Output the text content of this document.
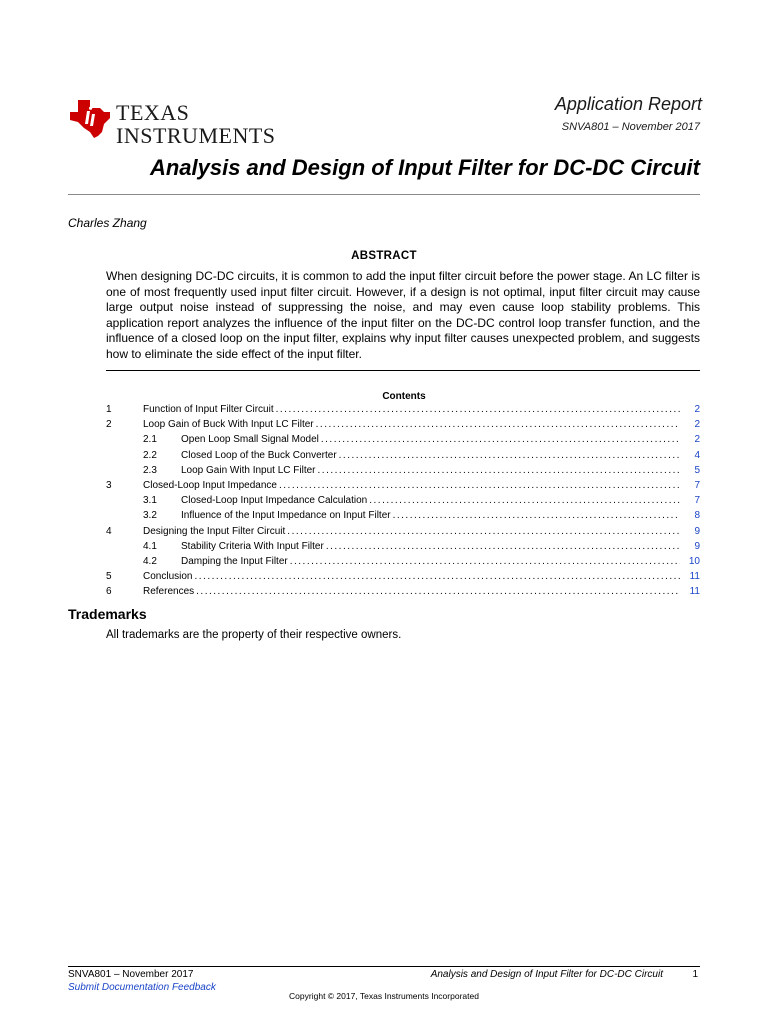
TEXAS
INSTRUMENTS
Application Report
SNVA801 – November 2017
Analysis and Design of Input Filter for DC-DC Circuit
Charles Zhang
ABSTRACT
When designing DC-DC circuits, it is common to add the input filter circuit before the power stage. An LC filter is one of most frequently used input filter circuit. However, if a design is not optimal, input filter circuit may cause large output noise instead of suppressing the noise, and may even cause loop stability problems. This application report analyzes the influence of the input filter on the DC-DC control loop transfer function, and the influence of a closed loop on the input filter, explains why input filter causes unexpected problem, and suggests how to eliminate the side effect of the input filter.
Contents
1	Function of Input Filter Circuit .....	2
2	Loop Gain of Buck With Input LC Filter .....	2
2.1	Open Loop Small Signal Model .....	2
2.2	Closed Loop of the Buck Converter .....	4
2.3	Loop Gain With Input LC Filter .....	5
3	Closed-Loop Input Impedance .....	7
3.1	Closed-Loop Input Impedance Calculation .....	7
3.2	Influence of the Input Impedance on Input Filter .....	8
4	Designing the Input Filter Circuit .....	9
4.1	Stability Criteria With Input Filter .....	9
4.2	Damping the Input Filter .....	10
5	Conclusion .....	11
6	References .....	11
Trademarks
All trademarks are the property of their respective owners.
SNVA801 – November 2017	Analysis and Design of Input Filter for DC-DC Circuit	1
Submit Documentation Feedback
Copyright © 2017, Texas Instruments Incorporated
